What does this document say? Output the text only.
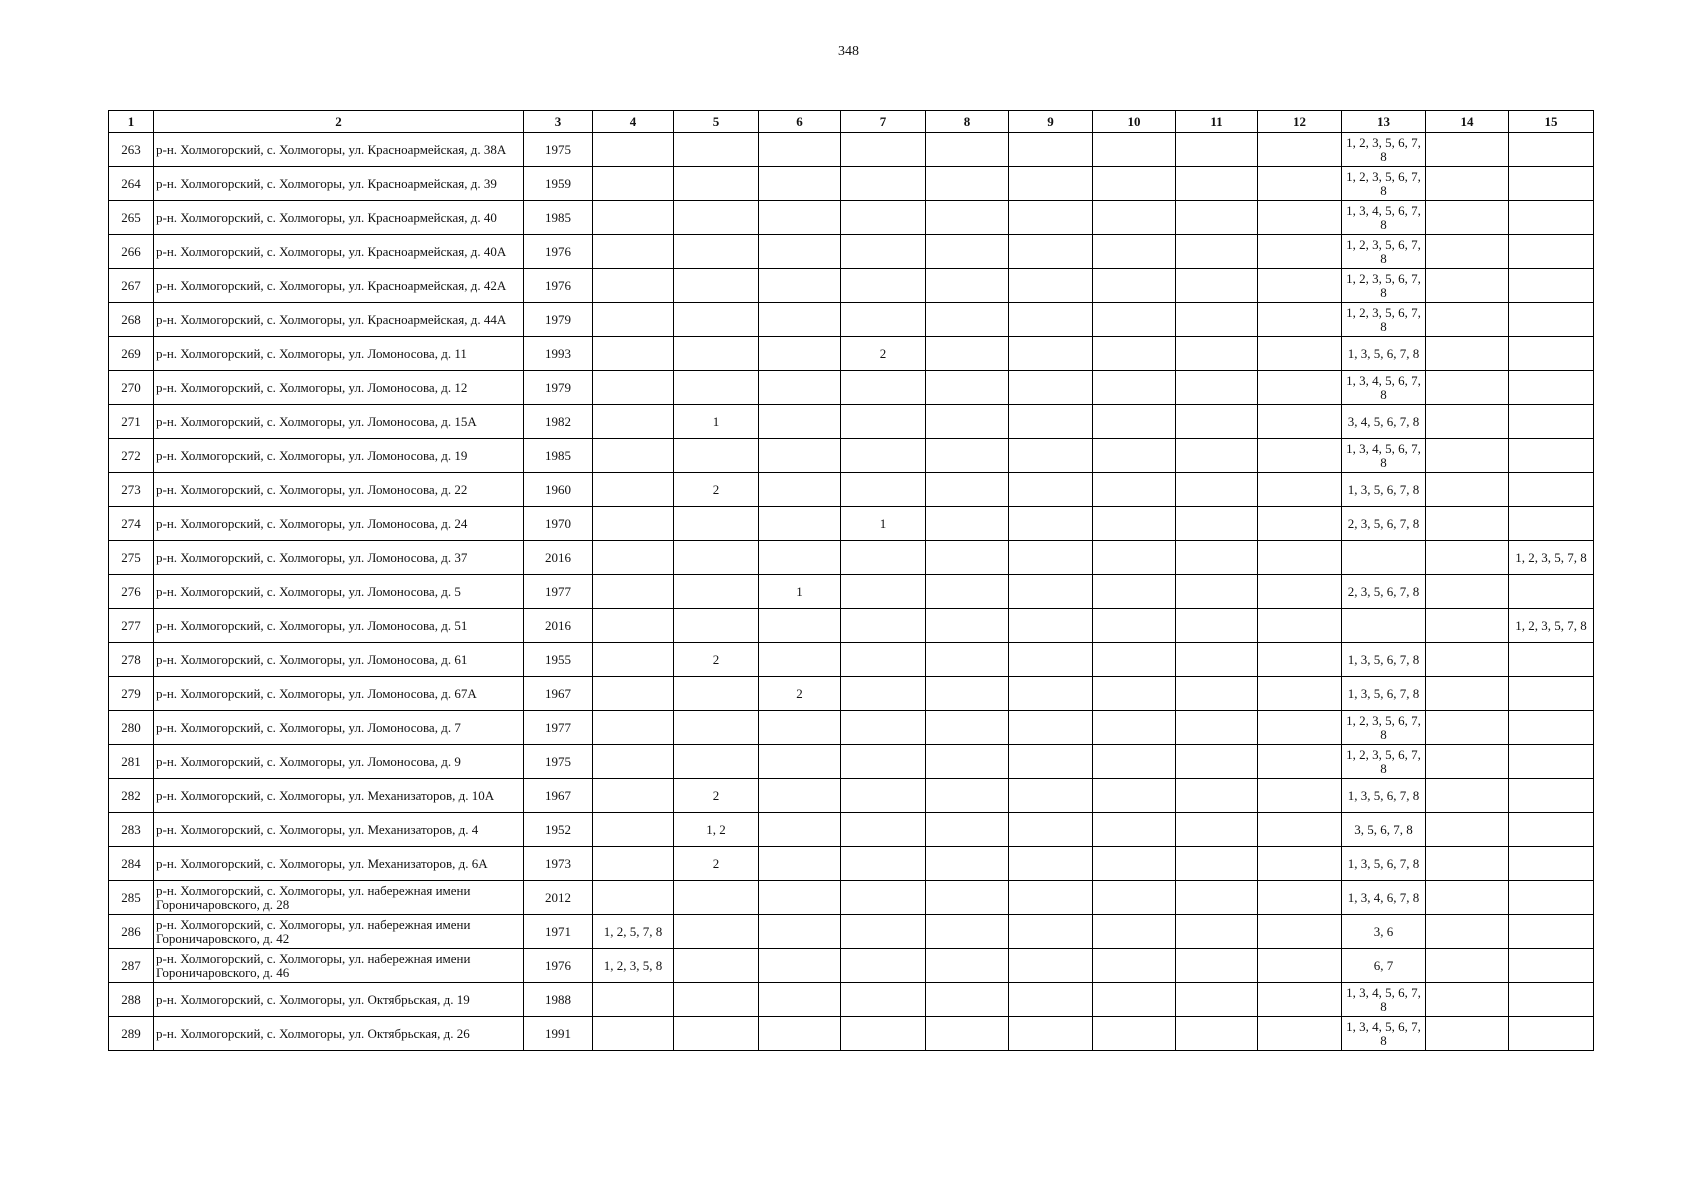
348
1	2	3	4	5	6	7	8	9	10	11	12	13	14	15
263	р-н. Холмогорский, с. Холмогоры, ул. Красноармейская, д. 38А	1975										1, 2, 3, 5, 6, 7, 8		
264	р-н. Холмогорский, с. Холмогоры, ул. Красноармейская, д. 39	1959										1, 2, 3, 5, 6, 7, 8		
265	р-н. Холмогорский, с. Холмогоры, ул. Красноармейская, д. 40	1985										1, 3, 4, 5, 6, 7, 8		
266	р-н. Холмогорский, с. Холмогоры, ул. Красноармейская, д. 40А	1976										1, 2, 3, 5, 6, 7, 8		
267	р-н. Холмогорский, с. Холмогоры, ул. Красноармейская, д. 42А	1976										1, 2, 3, 5, 6, 7, 8		
268	р-н. Холмогорский, с. Холмогоры, ул. Красноармейская, д. 44А	1979										1, 2, 3, 5, 6, 7, 8		
269	р-н. Холмогорский, с. Холмогоры, ул. Ломоносова, д. 11	1993				2						1, 3, 5, 6, 7, 8		
270	р-н. Холмогорский, с. Холмогоры, ул. Ломоносова, д. 12	1979										1, 3, 4, 5, 6, 7, 8		
271	р-н. Холмогорский, с. Холмогоры, ул. Ломоносова, д. 15А	1982		1								3, 4, 5, 6, 7, 8		
272	р-н. Холмогорский, с. Холмогоры, ул. Ломоносова, д. 19	1985										1, 3, 4, 5, 6, 7, 8		
273	р-н. Холмогорский, с. Холмогоры, ул. Ломоносова, д. 22	1960		2								1, 3, 5, 6, 7, 8		
274	р-н. Холмогорский, с. Холмогоры, ул. Ломоносова, д. 24	1970				1						2, 3, 5, 6, 7, 8		
275	р-н. Холмогорский, с. Холмогоры, ул. Ломоносова, д. 37	2016												1, 2, 3, 5, 7, 8
276	р-н. Холмогорский, с. Холмогоры, ул. Ломоносова, д. 5	1977			1							2, 3, 5, 6, 7, 8		
277	р-н. Холмогорский, с. Холмогоры, ул. Ломоносова, д. 51	2016												1, 2, 3, 5, 7, 8
278	р-н. Холмогорский, с. Холмогоры, ул. Ломоносова, д. 61	1955		2								1, 3, 5, 6, 7, 8		
279	р-н. Холмогорский, с. Холмогоры, ул. Ломоносова, д. 67А	1967			2							1, 3, 5, 6, 7, 8		
280	р-н. Холмогорский, с. Холмогоры, ул. Ломоносова, д. 7	1977										1, 2, 3, 5, 6, 7, 8		
281	р-н. Холмогорский, с. Холмогоры, ул. Ломоносова, д. 9	1975										1, 2, 3, 5, 6, 7, 8		
282	р-н. Холмогорский, с. Холмогоры, ул. Механизаторов, д. 10А	1967		2								1, 3, 5, 6, 7, 8		
283	р-н. Холмогорский, с. Холмогоры, ул. Механизаторов, д. 4	1952		1, 2								3, 5, 6, 7, 8		
284	р-н. Холмогорский, с. Холмогоры, ул. Механизаторов, д. 6А	1973		2								1, 3, 5, 6, 7, 8		
285	р-н. Холмогорский, с. Холмогоры, ул. набережная имени Гороничаровского, д. 28	2012										1, 3, 4, 6, 7, 8		
286	р-н. Холмогорский, с. Холмогоры, ул. набережная имени Гороничаровского, д. 42	1971	1, 2, 5, 7, 8									3, 6		
287	р-н. Холмогорский, с. Холмогоры, ул. набережная имени Гороничаровского, д. 46	1976	1, 2, 3, 5, 8									6, 7		
288	р-н. Холмогорский, с. Холмогоры, ул. Октябрьская, д. 19	1988										1, 3, 4, 5, 6, 7, 8		
289	р-н. Холмогорский, с. Холмогоры, ул. Октябрьская, д. 26	1991										1, 3, 4, 5, 6, 7, 8		
